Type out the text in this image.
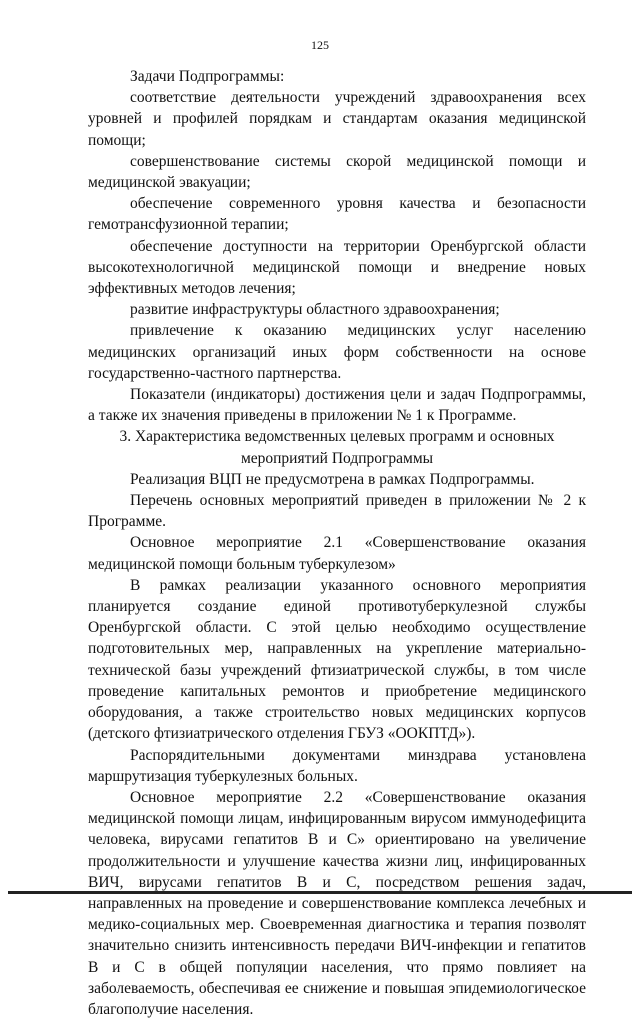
125

Задачи Подпрограммы:

соответствие деятельности учреждений здравоохранения всех уровней и профилей порядкам и стандартам оказания медицинской помощи;

совершенствование системы скорой медицинской помощи и медицинской эвакуации;

обеспечение современного уровня качества и безопасности гемотрансфузионной терапии;

обеспечение доступности на территории Оренбургской области высокотехнологичной медицинской помощи и внедрение новых эффективных методов лечения;

развитие инфраструктуры областного здравоохранения;

привлечение к оказанию медицинских услуг населению медицинских организаций иных форм собственности на основе государственно-частного партнерства.

Показатели (индикаторы) достижения цели и задач Подпрограммы, а также их значения приведены в приложении № 1 к Программе.

3. Характеристика ведомственных целевых программ и основных мероприятий Подпрограммы

Реализация ВЦП не предусмотрена в рамках Подпрограммы.

Перечень основных мероприятий приведен в приложении № 2 к Программе.

Основное мероприятие 2.1 «Совершенствование оказания медицинской помощи больным туберкулезом»

В рамках реализации указанного основного мероприятия планируется создание единой противотуберкулезной службы Оренбургской области. С этой целью необходимо осуществление подготовительных мер, направленных на укрепление материально-технической базы учреждений фтизиатрической службы, в том числе проведение капитальных ремонтов и приобретение медицинского оборудования, а также строительство новых медицинских корпусов (детского фтизиатрического отделения ГБУЗ «ООКПТД»).

Распорядительными документами минздрава установлена маршрутизация туберкулезных больных.

Основное мероприятие 2.2 «Совершенствование оказания медицинской помощи лицам, инфицированным вирусом иммунодефицита человека, вирусами гепатитов В и С» ориентировано на увеличение продолжительности и улучшение качества жизни лиц, инфицированных ВИЧ, вирусами гепатитов В и С, посредством решения задач, направленных на проведение и совершенствование комплекса лечебных и медико-социальных мер. Своевременная диагностика и терапия позволят значительно снизить интенсивность передачи ВИЧ-инфекции и гепатитов В и С в общей популяции населения, что прямо повлияет на заболеваемость, обеспечивая ее снижение и повышая эпидемиологическое благополучие населения.
